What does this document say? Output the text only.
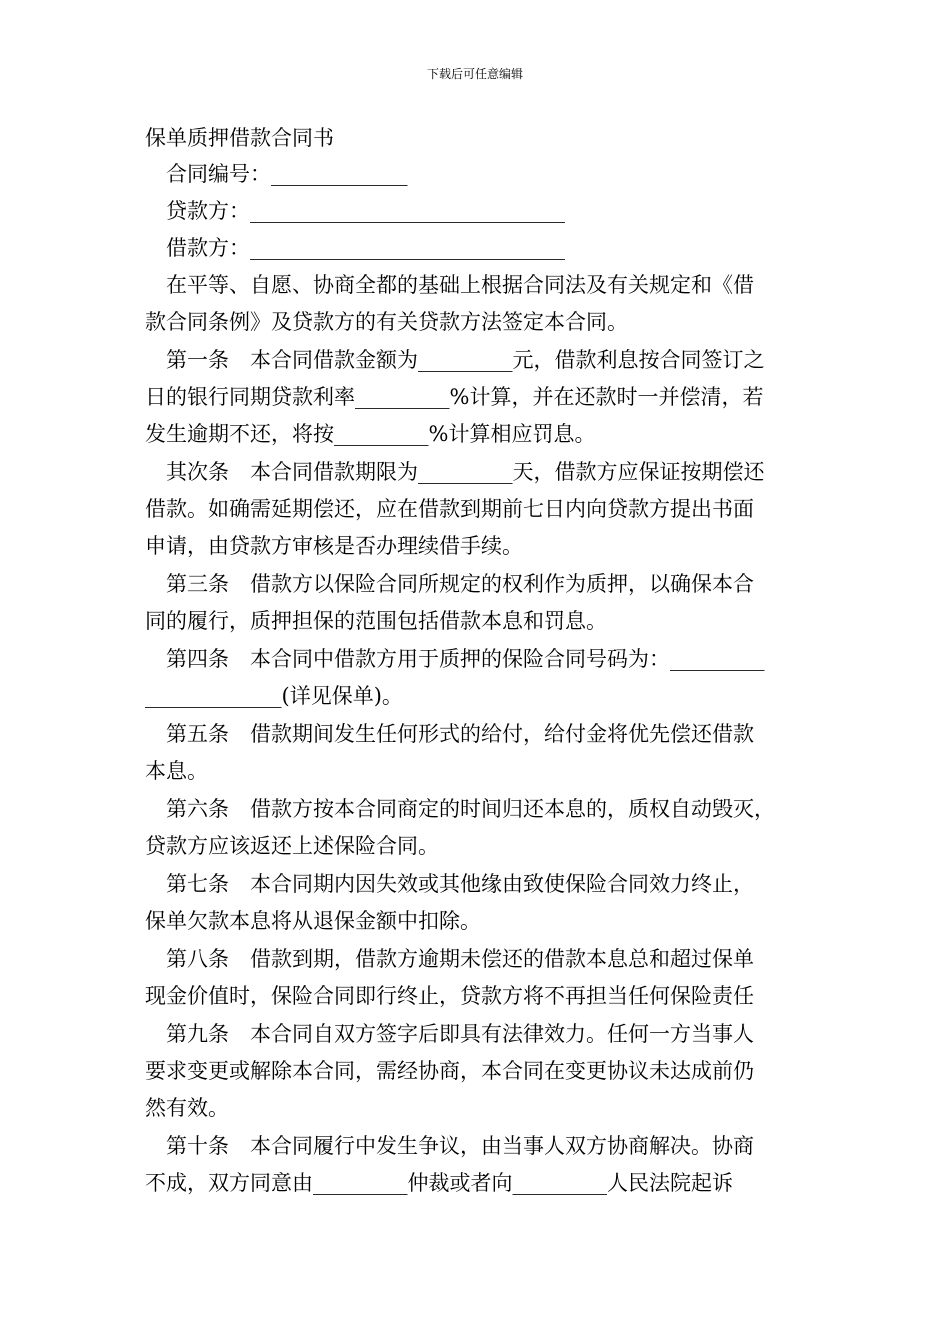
下载后可任意编辑
保单质押借款合同书
合同编号：_____________
贷款方：______________________________
借款方：______________________________
在平等、自愿、协商全都的基础上根据合同法及有关规定和《借
款合同条例》及贷款方的有关贷款方法签定本合同。
第一条 本合同借款金额为_________元，借款利息按合同签订之
日的银行同期贷款利率_________%计算，并在还款时一并偿清，若
发生逾期不还，将按_________%计算相应罚息。
其次条 本合同借款期限为_________天，借款方应保证按期偿还
借款。如确需延期偿还，应在借款到期前七日内向贷款方提出书面
申请，由贷款方审核是否办理续借手续。
第三条 借款方以保险合同所规定的权利作为质押，以确保本合
同的履行，质押担保的范围包括借款本息和罚息。
第四条 本合同中借款方用于质押的保险合同号码为：_________
_____________(详见保单)。
第五条 借款期间发生任何形式的给付，给付金将优先偿还借款
本息。
第六条 借款方按本合同商定的时间归还本息的，质权自动毁灭，
贷款方应该返还上述保险合同。
第七条 本合同期内因失效或其他缘由致使保险合同效力终止，
保单欠款本息将从退保金额中扣除。
第八条 借款到期，借款方逾期未偿还的借款本息总和超过保单
现金价值时，保险合同即行终止，贷款方将不再担当任何保险责任
第九条 本合同自双方签字后即具有法律效力。任何一方当事人
要求变更或解除本合同，需经协商，本合同在变更协议未达成前仍
然有效。
第十条 本合同履行中发生争议，由当事人双方协商解决。协商
不成，双方同意由_________仲裁或者向_________人民法院起诉
